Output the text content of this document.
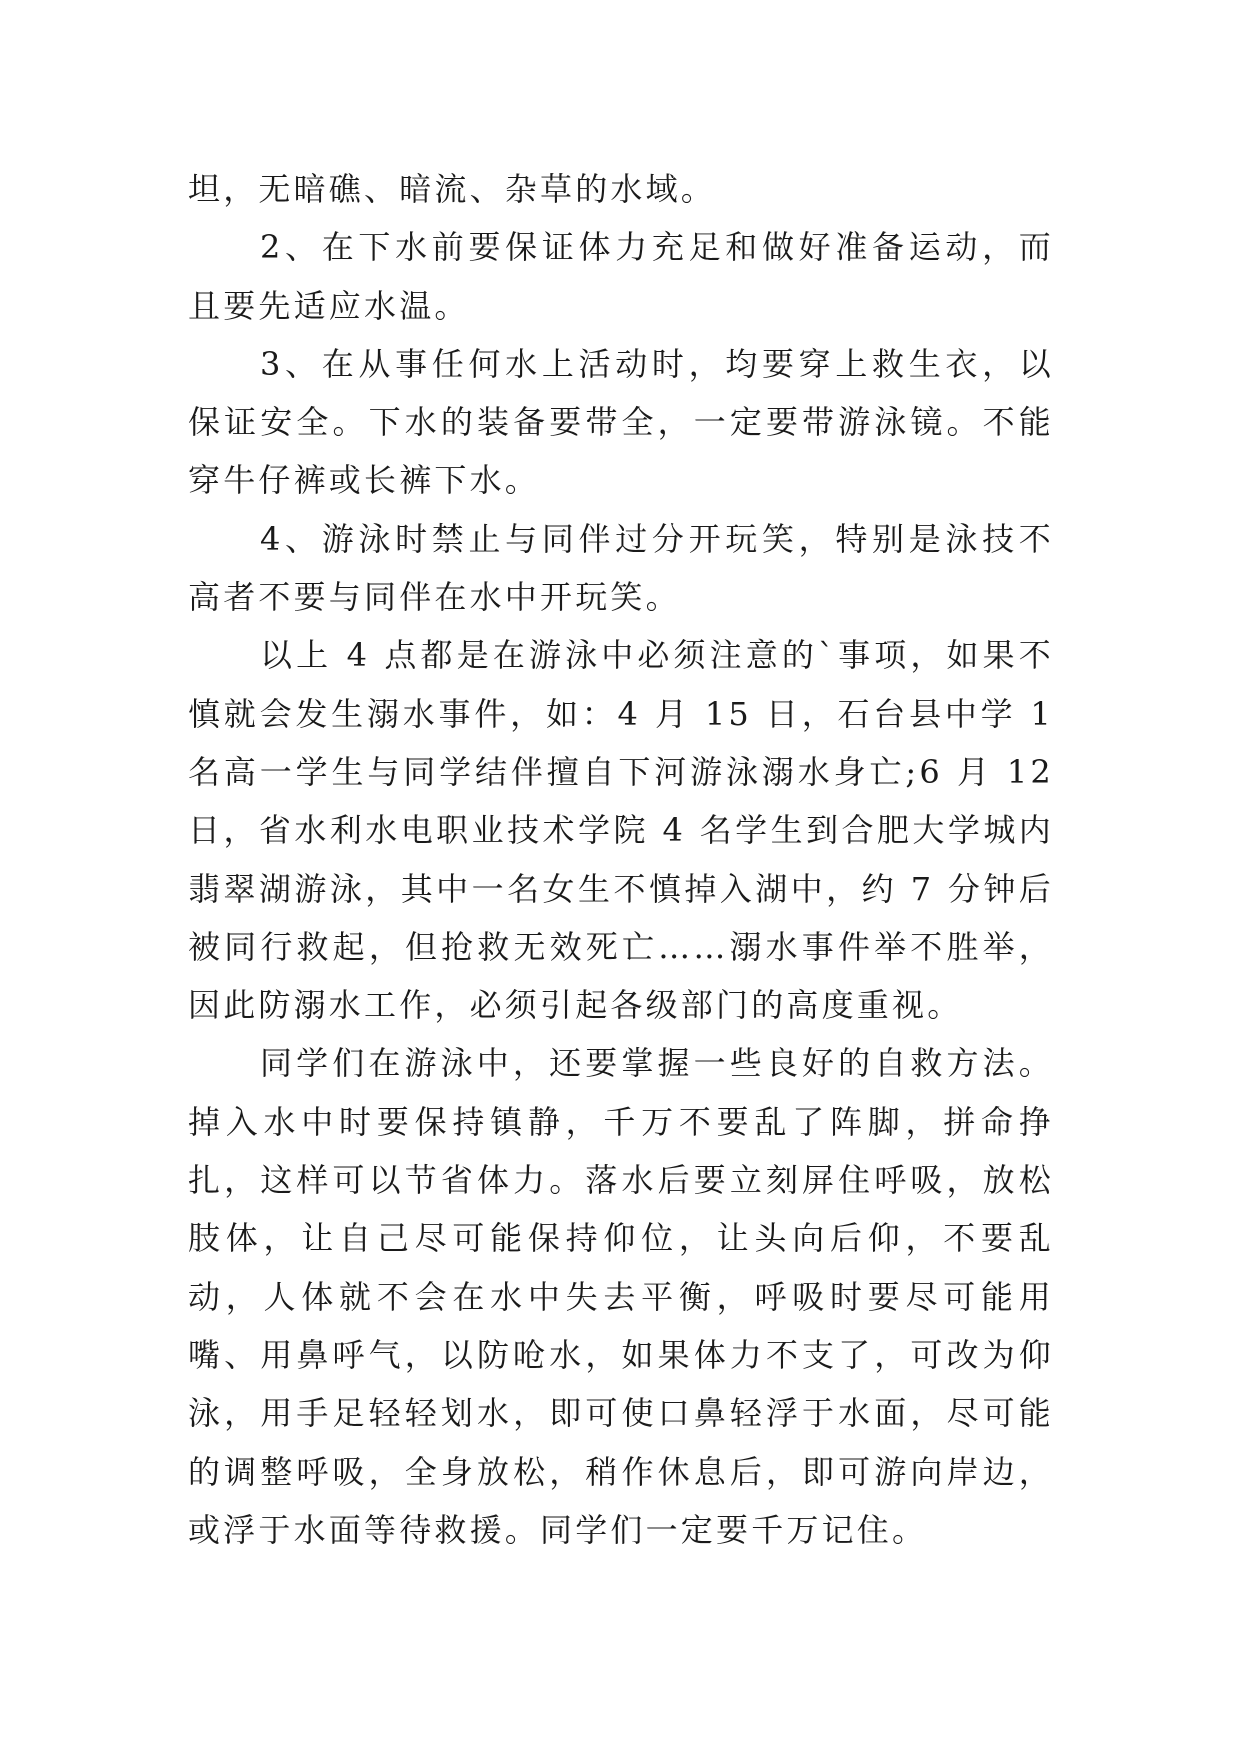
坦，无暗礁、暗流、杂草的水域。

2、在下水前要保证体力充足和做好准备运动，而且要先适应水温。

3、在从事任何水上活动时，均要穿上救生衣，以保证安全。下水的装备要带全，一定要带游泳镜。不能穿牛仔裤或长裤下水。

4、游泳时禁止与同伴过分开玩笑，特别是泳技不高者不要与同伴在水中开玩笑。

以上 4 点都是在游泳中必须注意的`事项，如果不慎就会发生溺水事件，如：4 月 15 日，石台县中学 1 名高一学生与同学结伴擅自下河游泳溺水身亡;6 月 12 日，省水利水电职业技术学院 4 名学生到合肥大学城内翡翠湖游泳，其中一名女生不慎掉入湖中，约 7 分钟后被同行救起，但抢救无效死亡……溺水事件举不胜举，因此防溺水工作，必须引起各级部门的高度重视。

同学们在游泳中，还要掌握一些良好的自救方法。掉入水中时要保持镇静，千万不要乱了阵脚，拼命挣扎，这样可以节省体力。落水后要立刻屏住呼吸，放松肢体，让自己尽可能保持仰位，让头向后仰，不要乱动，人体就不会在水中失去平衡，呼吸时要尽可能用嘴、用鼻呼气，以防呛水，如果体力不支了，可改为仰泳，用手足轻轻划水，即可使口鼻轻浮于水面，尽可能的调整呼吸，全身放松，稍作休息后，即可游向岸边，或浮于水面等待救援。同学们一定要千万记住。
